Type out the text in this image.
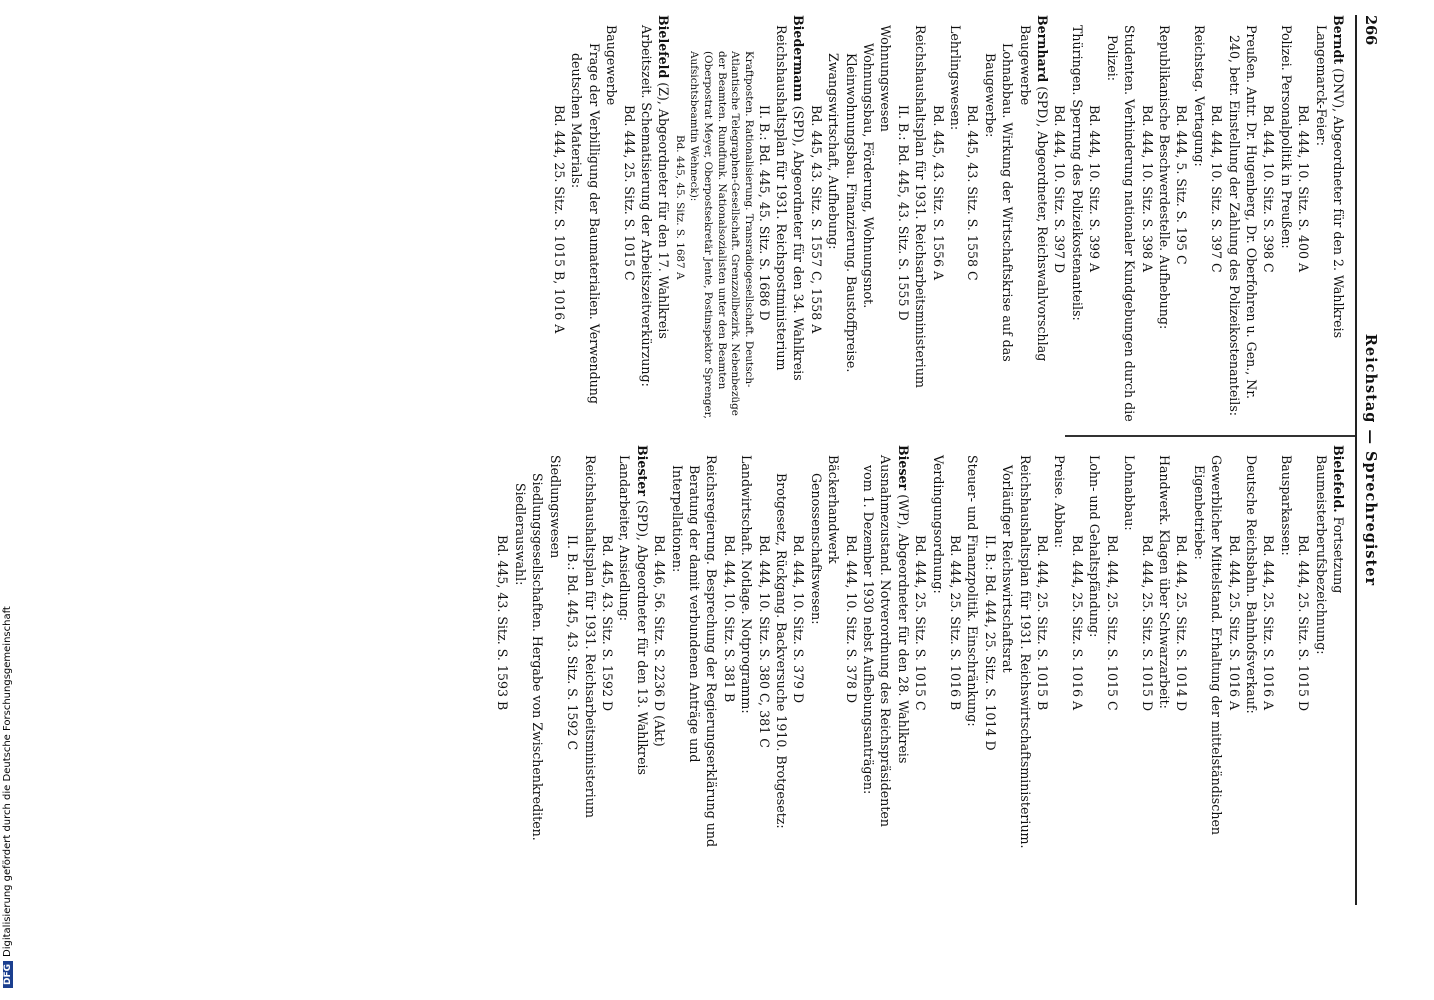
266
Reichstag — Sprechregister

Berndt (DNV), Abgeordneter für den 2. Wahlkreis

Langemarck-Feier:

Bd. 444, 10. Sitz. S. 400 A

Polizei. Personalpolitik in Preußen:

Bd. 444, 10. Sitz. S. 398 C

Preußen. Antr. Dr. Hugenberg, Dr. Oberfohren u. Gen., Nr. 240, betr. Einstellung der Zahlung des Polizeikostenanteils:

Bd. 444, 10. Sitz. S. 397 C

Reichstag. Vertagung:

Bd. 444, 5. Sitz. S. 195 C

Republikanische Beschwerdestelle. Aufhebung:

Bd. 444, 10. Sitz. S. 398 A

Studenten. Verhinderung nationaler Kundgebungen durch die Polizei:

Bd. 444, 10. Sitz. S. 399 A

Thüringen. Sperrung des Polizeikostenanteils:

Bd. 444, 10. Sitz. S. 397 D

Bernhard (SPD), Abgeordneter, Reichswahlvorschlag

Baugewerbe

Lohnabbau. Wirkung der Wirtschaftskrise auf das Baugewerbe:

Bd. 445, 43. Sitz. S. 1558 C

Lehrlingswesen:

Bd. 445, 43. Sitz. S. 1556 A

Reichshaushaltsplan für 1931. Reichsarbeitsministerium

II. B.: Bd. 445, 43. Sitz. S. 1555 D

Wohnungswesen

Wohnungsbau, Förderung, Wohnungsnot. Kleinwohnungsbau. Finanzierung. Baustoffpreise. Zwangswirtschaft, Aufhebung:

Bd. 445, 43. Sitz. S. 1557 C, 1558 A

Biedermann (SPD), Abgeordneter für den 34. Wahlkreis

Reichshaushaltsplan für 1931. Reichspostministerium

II. B.: Bd. 445, 45. Sitz. S. 1686 D

Kraftposten. Rationalisierung. Transradiogesellschaft. Deutsch-Atlantische Telegraphen-Gesellschaft. Grenzzollbezirk. Nebenbezüge der Beamten. Rundfunk. Nationalsozialisten unter den Beamten (Oberpostrat Meyer, Oberpostsekretär Jente, Postinspektor Sprenger, Aufsichtsbeamtin Wehneck):

Bd. 445, 45. Sitz. S. 1687 A

Bielefeld (Z), Abgeordneter für den 17. Wahlkreis

Arbeitszeit. Schematisierung der Arbeitszeitverkürzung:

Bd. 444, 25. Sitz. S. 1015 C

Baugewerbe

Frage der Verbilligung der Baumaterialien. Verwendung deutschen Materials:

Bd. 444, 25. Sitz. S. 1015 B, 1016 A

Bielefeld. Fortsetzung

Baumeisterberufsbezeichnung:

Bd. 444, 25. Sitz. S. 1015 D

Bausparkassen:

Bd. 444, 25. Sitz. S. 1016 A

Deutsche Reichsbahn. Bahnhofsverkauf:

Bd. 444, 25. Sitz. S. 1016 A

Gewerblicher Mittelstand. Erhaltung der mittelständischen Eigenbetriebe:

Bd. 444, 25. Sitz. S. 1014 D

Handwerk. Klagen über Schwarzarbeit:

Bd. 444, 25. Sitz. S. 1015 D

Lohnabbau:

Bd. 444, 25. Sitz. S. 1015 C

Lohn- und Gehaltspfändung:

Bd. 444, 25. Sitz. S. 1016 A

Preise. Abbau:

Bd. 444, 25. Sitz. S. 1015 B

Reichshaushaltsplan für 1931. Reichswirtschaftsministerium. Vorläufiger Reichswirtschaftsrat

II. B.: Bd. 444, 25. Sitz. S. 1014 D

Steuer- und Finanzpolitik. Einschränkung:

Bd. 444, 25. Sitz. S. 1016 B

Verdingungsordnung:

Bd. 444, 25. Sitz. S. 1015 C

Bieser (WP), Abgeordneter für den 28. Wahlkreis

Ausnahmezustand. Notverordnung des Reichspräsidenten vom 1. Dezember 1930 nebst Aufhebungsanträgen:

Bd. 444, 10. Sitz. S. 378 D

Bäckerhandwerk

Genossenschaftswesen:

Bd. 444, 10. Sitz. S. 379 D

Brotgesetz, Rückgang. Backversuche 1910. Brotgesetz:

Bd. 444, 10. Sitz. S. 380 C, 381 C

Landwirtschaft. Notlage. Notprogramm:

Bd. 444, 10. Sitz. S. 381 B

Reichsregierung. Besprechung der Regierungserklärung und Beratung der damit verbundenen Anträge und Interpellationen:

Bd. 446, 56. Sitz. S. 2236 D (Akt)

Biester (SPD), Abgeordneter für den 13. Wahlkreis

Landarbeiter, Ansiedlung:

Bd. 445, 43. Sitz. S. 1592 D

Reichshaushaltsplan für 1931. Reichsarbeitsministerium

II. B.: Bd. 445, 43. Sitz. S. 1592 C

Siedlungswesen

Siedlungsgesellschaften. Hergabe von Zwischenkrediten. Siedlerauswahl:

Bd. 445, 43. Sitz. S. 1593 B

DFGDigitalisierung gefördert durch die Deutsche Forschungsgemeinschaft
